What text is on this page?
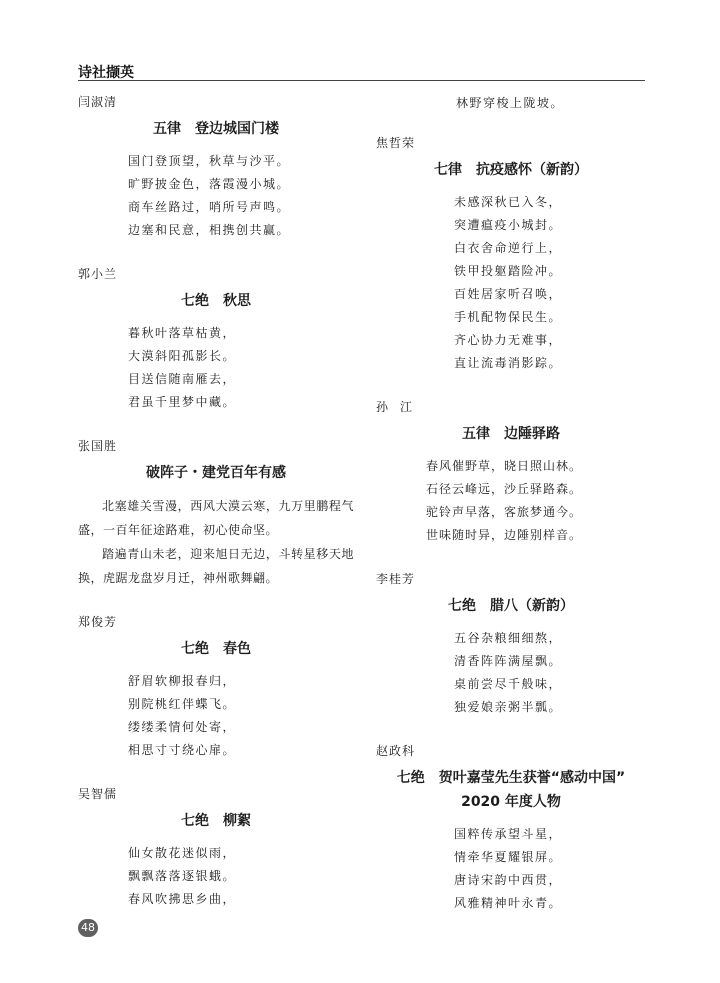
诗社撷英

闫淑清

五律　登边城国门楼
国门登顶望，秋草与沙平。
旷野披金色，落霞漫小城。
商车丝路过，哨所号声鸣。
边塞和民意，相携创共赢。

郭小兰

七绝　秋思
暮秋叶落草枯黄，
大漠斜阳孤影长。
目送信随南雁去，
君虽千里梦中藏。

张国胜

破阵子・建党百年有感

北塞雄关雪漫，西风大漠云寒，九万里鹏程气盛，一百年征途路难，初心使命坚。

踏遍青山未老，迎来旭日无边，斗转星移天地换，虎踞龙盘岁月迁，神州歌舞翩。

郑俊芳

七绝　春色
舒眉软柳报春归，
别院桃红伴蝶飞。
缕缕柔情何处寄，
相思寸寸绕心扉。

吴智儒

七绝　柳絮
仙女散花迷似雨，
飘飘落落逐银蛾。
春风吹拂思乡曲，
林野穿梭上陇坡。

焦哲荣

七律　抗疫感怀（新韵）
未感深秋已入冬，
突遭瘟疫小城封。
白衣舍命逆行上，
铁甲投躯踏险冲。
百姓居家听召唤，
手机配物保民生。
齐心协力无难事，
直让流毒消影踪。

孙江

五律　边陲驿路
春风催野草，晓日照山林。
石径云峰远，沙丘驿路森。
驼铃声早落，客旅梦通今。
世味随时异，边陲别样音。

李桂芳

七绝　腊八（新韵）
五谷杂粮细细熬，
清香阵阵满屋飘。
桌前尝尽千般味，
独爱娘亲粥半瓢。

赵政科

七绝　贺叶嘉莹先生获誉“感动中国”
2020 年度人物
国粹传承望斗星，
情牵华夏耀银屏。
唐诗宋韵中西贯，
风雅精神叶永青。
48
